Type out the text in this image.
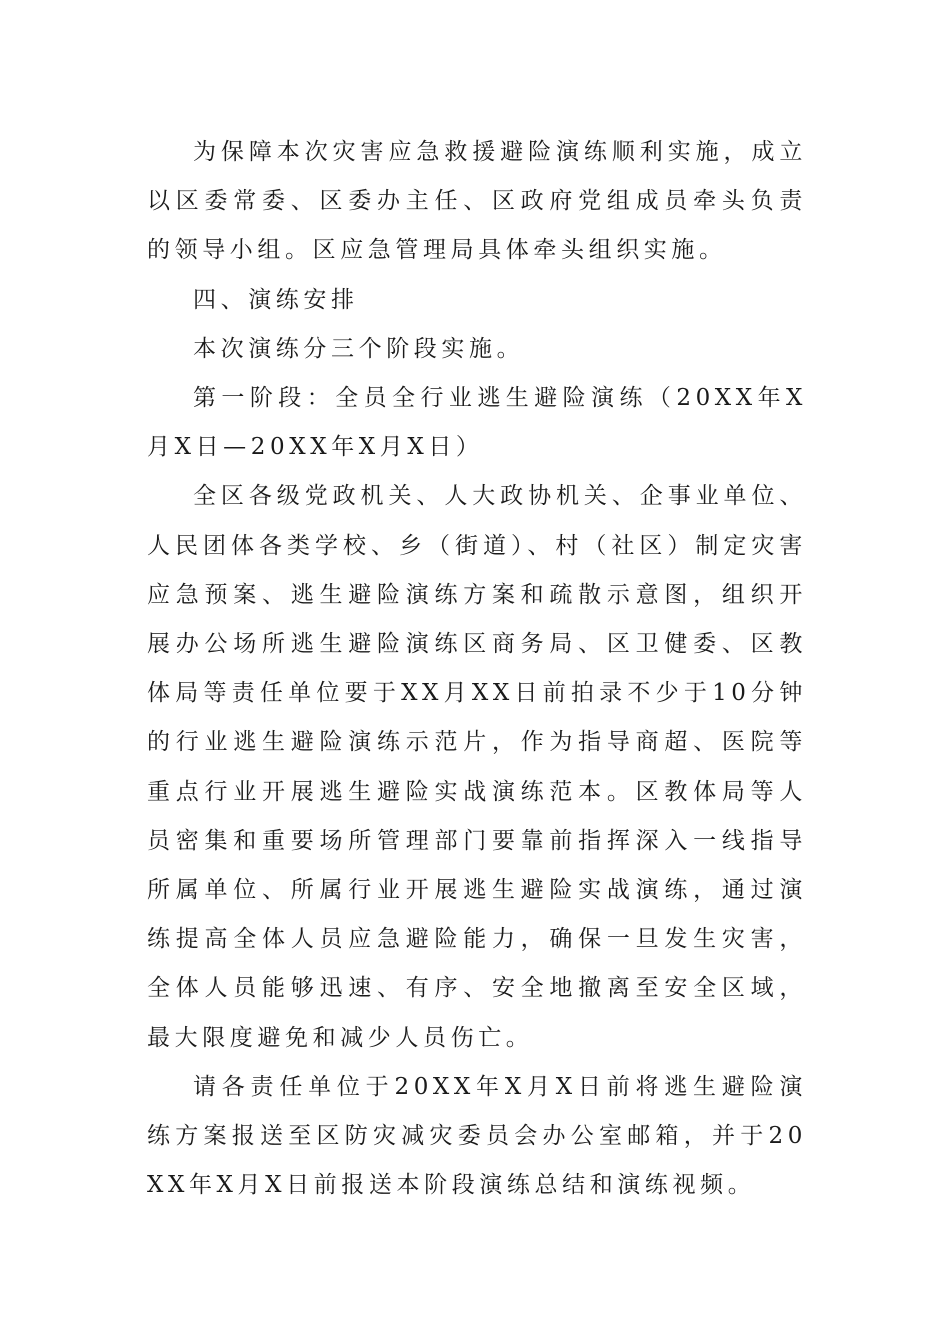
为保障本次灾害应急救援避险演练顺利实施，成立以区委常委、区委办主任、区政府党组成员牵头负责的领导小组。区应急管理局具体牵头组织实施。

四、演练安排

本次演练分三个阶段实施。

第一阶段：全员全行业逃生避险演练（20XX年X月X日—20XX年X月X日）

全区各级党政机关、人大政协机关、企事业单位、人民团体各类学校、乡（街道）、村（社区）制定灾害应急预案、逃生避险演练方案和疏散示意图，组织开展办公场所逃生避险演练区商务局、区卫健委、区教体局等责任单位要于XX月XX日前拍录不少于10分钟的行业逃生避险演练示范片，作为指导商超、医院等重点行业开展逃生避险实战演练范本。区教体局等人员密集和重要场所管理部门要靠前指挥深入一线指导所属单位、所属行业开展逃生避险实战演练，通过演练提高全体人员应急避险能力，确保一旦发生灾害，全体人员能够迅速、有序、安全地撤离至安全区域，最大限度避免和减少人员伤亡。

请各责任单位于20XX年X月X日前将逃生避险演练方案报送至区防灾减灾委员会办公室邮箱，并于20XX年X月X日前报送本阶段演练总结和演练视频。
